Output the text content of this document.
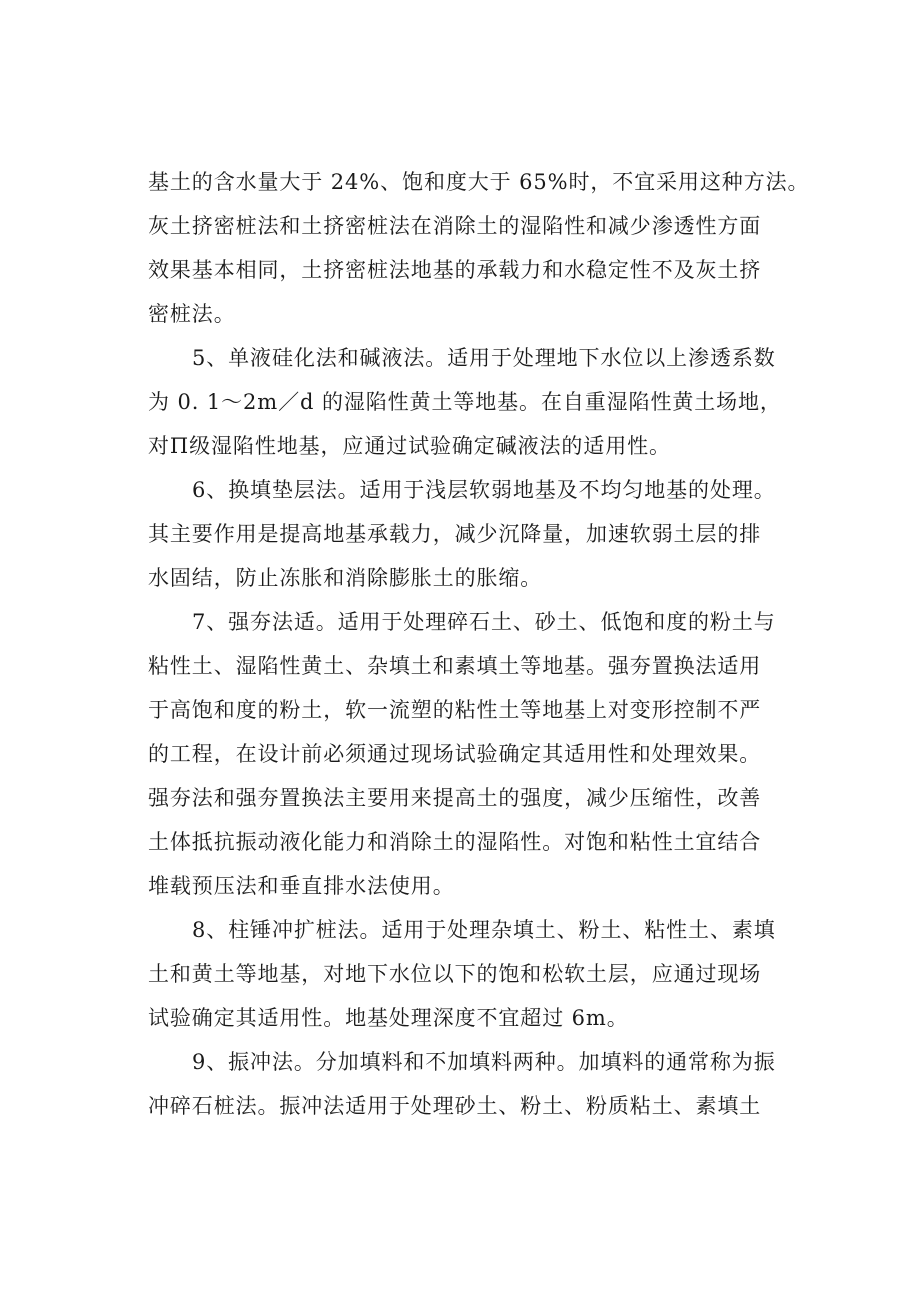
基土的含水量大于 24%、饱和度大于 65%时，不宜采用这种方法。
灰土挤密桩法和土挤密桩法在消除土的湿陷性和减少渗透性方面
效果基本相同，土挤密桩法地基的承载力和水稳定性不及灰土挤
密桩法。
5、单液硅化法和碱液法。适用于处理地下水位以上渗透系数
为 0. 1～2m／d 的湿陷性黄土等地基。在自重湿陷性黄土场地，
对Π级湿陷性地基，应通过试验确定碱液法的适用性。
6、换填垫层法。适用于浅层软弱地基及不均匀地基的处理。
其主要作用是提高地基承载力，减少沉降量，加速软弱土层的排
水固结，防止冻胀和消除膨胀土的胀缩。
7、强夯法适。适用于处理碎石土、砂土、低饱和度的粉土与
粘性土、湿陷性黄土、杂填土和素填土等地基。强夯置换法适用
于高饱和度的粉土，软一流塑的粘性土等地基上对变形控制不严
的工程，在设计前必须通过现场试验确定其适用性和处理效果。
强夯法和强夯置换法主要用来提高土的强度，减少压缩性，改善
土体抵抗振动液化能力和消除土的湿陷性。对饱和粘性土宜结合
堆载预压法和垂直排水法使用。
8、柱锤冲扩桩法。适用于处理杂填土、粉土、粘性土、素填
土和黄土等地基，对地下水位以下的饱和松软土层，应通过现场
试验确定其适用性。地基处理深度不宜超过 6m。
9、振冲法。分加填料和不加填料两种。加填料的通常称为振
冲碎石桩法。振冲法适用于处理砂土、粉土、粉质粘土、素填土
